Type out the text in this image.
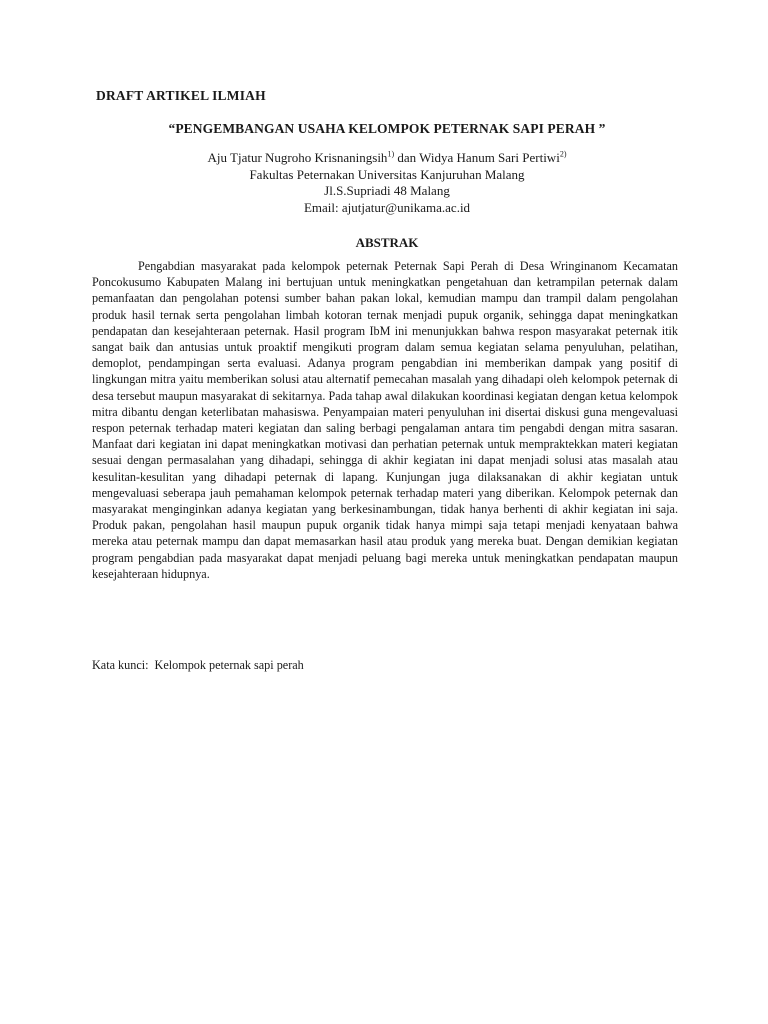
DRAFT ARTIKEL ILMIAH
“PENGEMBANGAN USAHA KELOMPOK PETERNAK SAPI PERAH ”
Aju Tjatur Nugroho Krisnaningsih$^{1)}$ dan Widya Hanum Sari Pertiwi$^{2)}$
Fakultas Peternakan Universitas Kanjuruhan Malang
Jl.S.Supriadi 48 Malang
Email: ajutjatur@unikama.ac.id
ABSTRAK

Pengabdian masyarakat pada kelompok peternak Peternak Sapi Perah di Desa Wringinanom Kecamatan Poncokusumo Kabupaten Malang ini bertujuan untuk meningkatkan pengetahuan dan ketrampilan peternak dalam pemanfaatan dan pengolahan potensi sumber bahan pakan lokal, kemudian mampu dan trampil dalam pengolahan produk hasil ternak serta pengolahan limbah kotoran ternak menjadi pupuk organik, sehingga dapat meningkatkan pendapatan dan kesejahteraan peternak. Hasil program IbM ini menunjukkan bahwa respon masyarakat peternak itik sangat baik dan antusias untuk proaktif mengikuti program dalam semua kegiatan selama penyuluhan, pelatihan, demoplot, pendampingan serta evaluasi. Adanya program pengabdian ini memberikan dampak yang positif di lingkungan mitra yaitu memberikan solusi atau alternatif pemecahan masalah yang dihadapi oleh kelompok peternak di desa tersebut maupun masyarakat di sekitarnya. Pada tahap awal dilakukan koordinasi kegiatan dengan ketua kelompok mitra dibantu dengan keterlibatan mahasiswa. Penyampaian materi penyuluhan ini disertai diskusi guna mengevaluasi respon peternak terhadap materi kegiatan dan saling berbagi pengalaman antara tim pengabdi dengan mitra sasaran. Manfaat dari kegiatan ini dapat meningkatkan motivasi dan perhatian peternak untuk mempraktekkan materi kegiatan sesuai dengan permasalahan yang dihadapi, sehingga di akhir kegiatan ini dapat menjadi solusi atas masalah atau kesulitan-kesulitan yang dihadapi peternak di lapang. Kunjungan juga dilaksanakan di akhir kegiatan untuk mengevaluasi seberapa jauh pemahaman kelompok peternak terhadap materi yang diberikan. Kelompok peternak dan masyarakat menginginkan adanya kegiatan yang berkesinambungan, tidak hanya berhenti di akhir kegiatan ini saja. Produk pakan, pengolahan hasil maupun pupuk organik tidak hanya mimpi saja tetapi menjadi kenyataan bahwa mereka atau peternak mampu dan dapat memasarkan hasil atau produk yang mereka buat. Dengan demikian kegiatan program pengabdian pada masyarakat dapat menjadi peluang bagi mereka untuk meningkatkan pendapatan maupun kesejahteraan hidupnya.

Kata kunci: Kelompok peternak sapi perah
